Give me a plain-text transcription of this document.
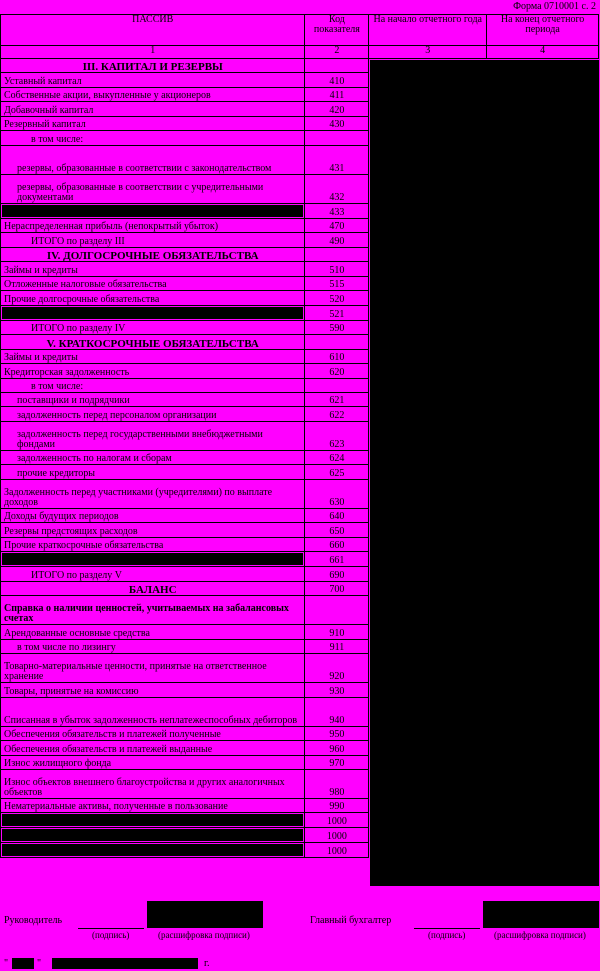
Форма 0710001 с. 2
ПАССИВ	Код показателя	На начало отчетного года	На конец отчетного периода
1	2	3	4
III. КАПИТАЛ И РЕЗЕРВЫ			
Уставный капитал	410		
Собственные акции, выкупленные у акционеров	411		
Добавочный капитал	420		
Резервный капитал	430		
в том числе:			
резервы, образованные в соответствии с законодательством	431		
резервы, образованные в соответствии с учредительными документами	432		

	433		
Нераспределенная прибыль (непокрытый убыток)	470		
ИТОГО по разделу III	490		
IV. ДОЛГОСРОЧНЫЕ ОБЯЗАТЕЛЬСТВА			
Займы и кредиты	510		
Отложенные налоговые обязательства	515		
Прочие долгосрочные обязательства	520		

	521		
ИТОГО по разделу IV	590		
V. КРАТКОСРОЧНЫЕ ОБЯЗАТЕЛЬСТВА			
Займы и кредиты	610		
Кредиторская задолженность	620		
в том числе:			
поставщики и подрядчики	621		
задолженность перед персоналом организации	622		
задолженность перед государственными внебюджетными фондами	623		
задолженность по налогам и сборам	624		
прочие кредиторы	625		
Задолженность перед участниками (учредителями) по выплате доходов	630		
Доходы будущих периодов	640		
Резервы предстоящих расходов	650		
Прочие краткосрочные обязательства	660		

	661		
ИТОГО по разделу V	690		
БАЛАНС	700		
Справка о наличии ценностей, учитываемых на забалансовых счетах			
Арендованные основные средства	910		
в том числе по лизингу	911		
Товарно-материальные ценности, принятые на ответственное хранение	920		
Товары, принятые на комиссию	930		
Списанная в убыток задолженность неплатежеспособных дебиторов	940		
Обеспечения обязательств и платежей полученные	950		
Обеспечения обязательств и платежей выданные	960		
Износ жилищного фонда	970		
Износ объектов внешнего благоустройства и других аналогичных объектов	980		
Нематериальные активы, полученные в пользование	990		

	1000		

	1000		

	1000		
Руководитель
(подпись)	(расшифровка подписи)
Главный бухгалтер
(подпись)	(расшифровка подписи)
"	"	г.
